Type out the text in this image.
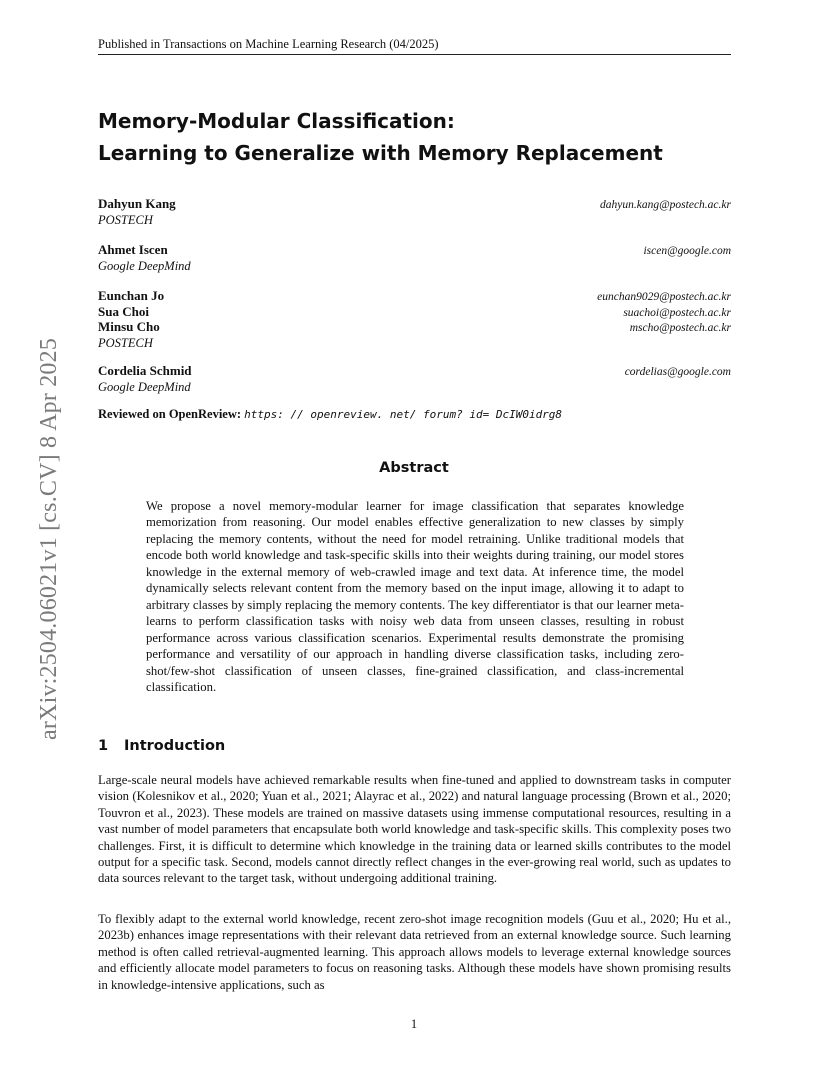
Published in Transactions on Machine Learning Research (04/2025)
arXiv:2504.06021v1 [cs.CV] 8 Apr 2025
Memory-Modular Classification:
Learning to Generalize with Memory Replacement
Dahyun Kang	dahyun.kang@postech.ac.kr
POSTECH
Ahmet Iscen	iscen@google.com
Google DeepMind
Eunchan Jo	eunchan9029@postech.ac.kr
Sua Choi	suachoi@postech.ac.kr
Minsu Cho	mscho@postech.ac.kr
POSTECH
Cordelia Schmid	cordelias@google.com
Google DeepMind
Reviewed on OpenReview: https: // openreview. net/ forum? id= DcIW0idrg8
Abstract
We propose a novel memory-modular learner for image classification that separates knowledge memorization from reasoning. Our model enables effective generalization to new classes by simply replacing the memory contents, without the need for model retraining. Unlike traditional models that encode both world knowledge and task-specific skills into their weights during training, our model stores knowledge in the external memory of web-crawled image and text data. At inference time, the model dynamically selects relevant content from the memory based on the input image, allowing it to adapt to arbitrary classes by simply replacing the memory contents. The key differentiator is that our learner meta-learns to perform classification tasks with noisy web data from unseen classes, resulting in robust performance across various classification scenarios. Experimental results demonstrate the promising performance and versatility of our approach in handling diverse classification tasks, including zero-shot/few-shot classification of unseen classes, fine-grained classification, and class-incremental classification.
1 Introduction
Large-scale neural models have achieved remarkable results when fine-tuned and applied to downstream tasks in computer vision (Kolesnikov et al., 2020; Yuan et al., 2021; Alayrac et al., 2022) and natural language processing (Brown et al., 2020; Touvron et al., 2023). These models are trained on massive datasets using immense computational resources, resulting in a vast number of model parameters that encapsulate both world knowledge and task-specific skills. This complexity poses two challenges. First, it is difficult to determine which knowledge in the training data or learned skills contributes to the model output for a specific task. Second, models cannot directly reflect changes in the ever-growing real world, such as updates to data sources relevant to the target task, without undergoing additional training.
To flexibly adapt to the external world knowledge, recent zero-shot image recognition models (Guu et al., 2020; Hu et al., 2023b) enhances image representations with their relevant data retrieved from an external knowledge source. Such learning method is often called retrieval-augmented learning. This approach allows models to leverage external knowledge sources and efficiently allocate model parameters to focus on reasoning tasks. Although these models have shown promising results in knowledge-intensive applications, such as
1
